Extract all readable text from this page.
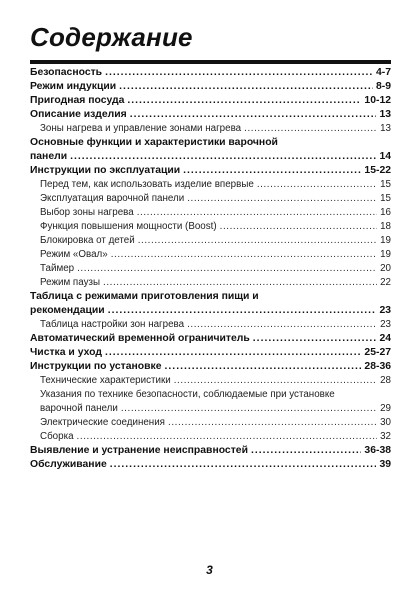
Содержание
Безопасность .....	4-7
Режим индукции .....	8-9
Пригодная посуда .....	10-12
Описание изделия .....	13
Зоны нагрева и управление зонами нагрева .....	13
Основные функции и характеристики варочной
панели .....	14
Инструкции по эксплуатации .....	15-22
Перед тем, как использовать изделие впервые .....	15
Эксплуатация варочной панели .....	15
Выбор зоны нагрева .....	16
Функция повышения мощности (Boost) .....	18
Блокировка от детей .....	19
Режим «Овал» .....	19
Таймер .....	20
Режим паузы .....	22
Таблица с режимами приготовления пищи и
рекомендации .....	23
Таблица настройки зон нагрева .....	23
Автоматический временной ограничитель .....	24
Чистка и уход .....	25-27
Инструкции по установке .....	28-36
Технические характеристики .....	28
Указания по технике безопасности, соблюдаемые при установке
варочной панели .....	29
Электрические соединения .....	30
Сборка .....	32
Выявление и устранение неисправностей .....	36-38
Обслуживание .....	39
3
